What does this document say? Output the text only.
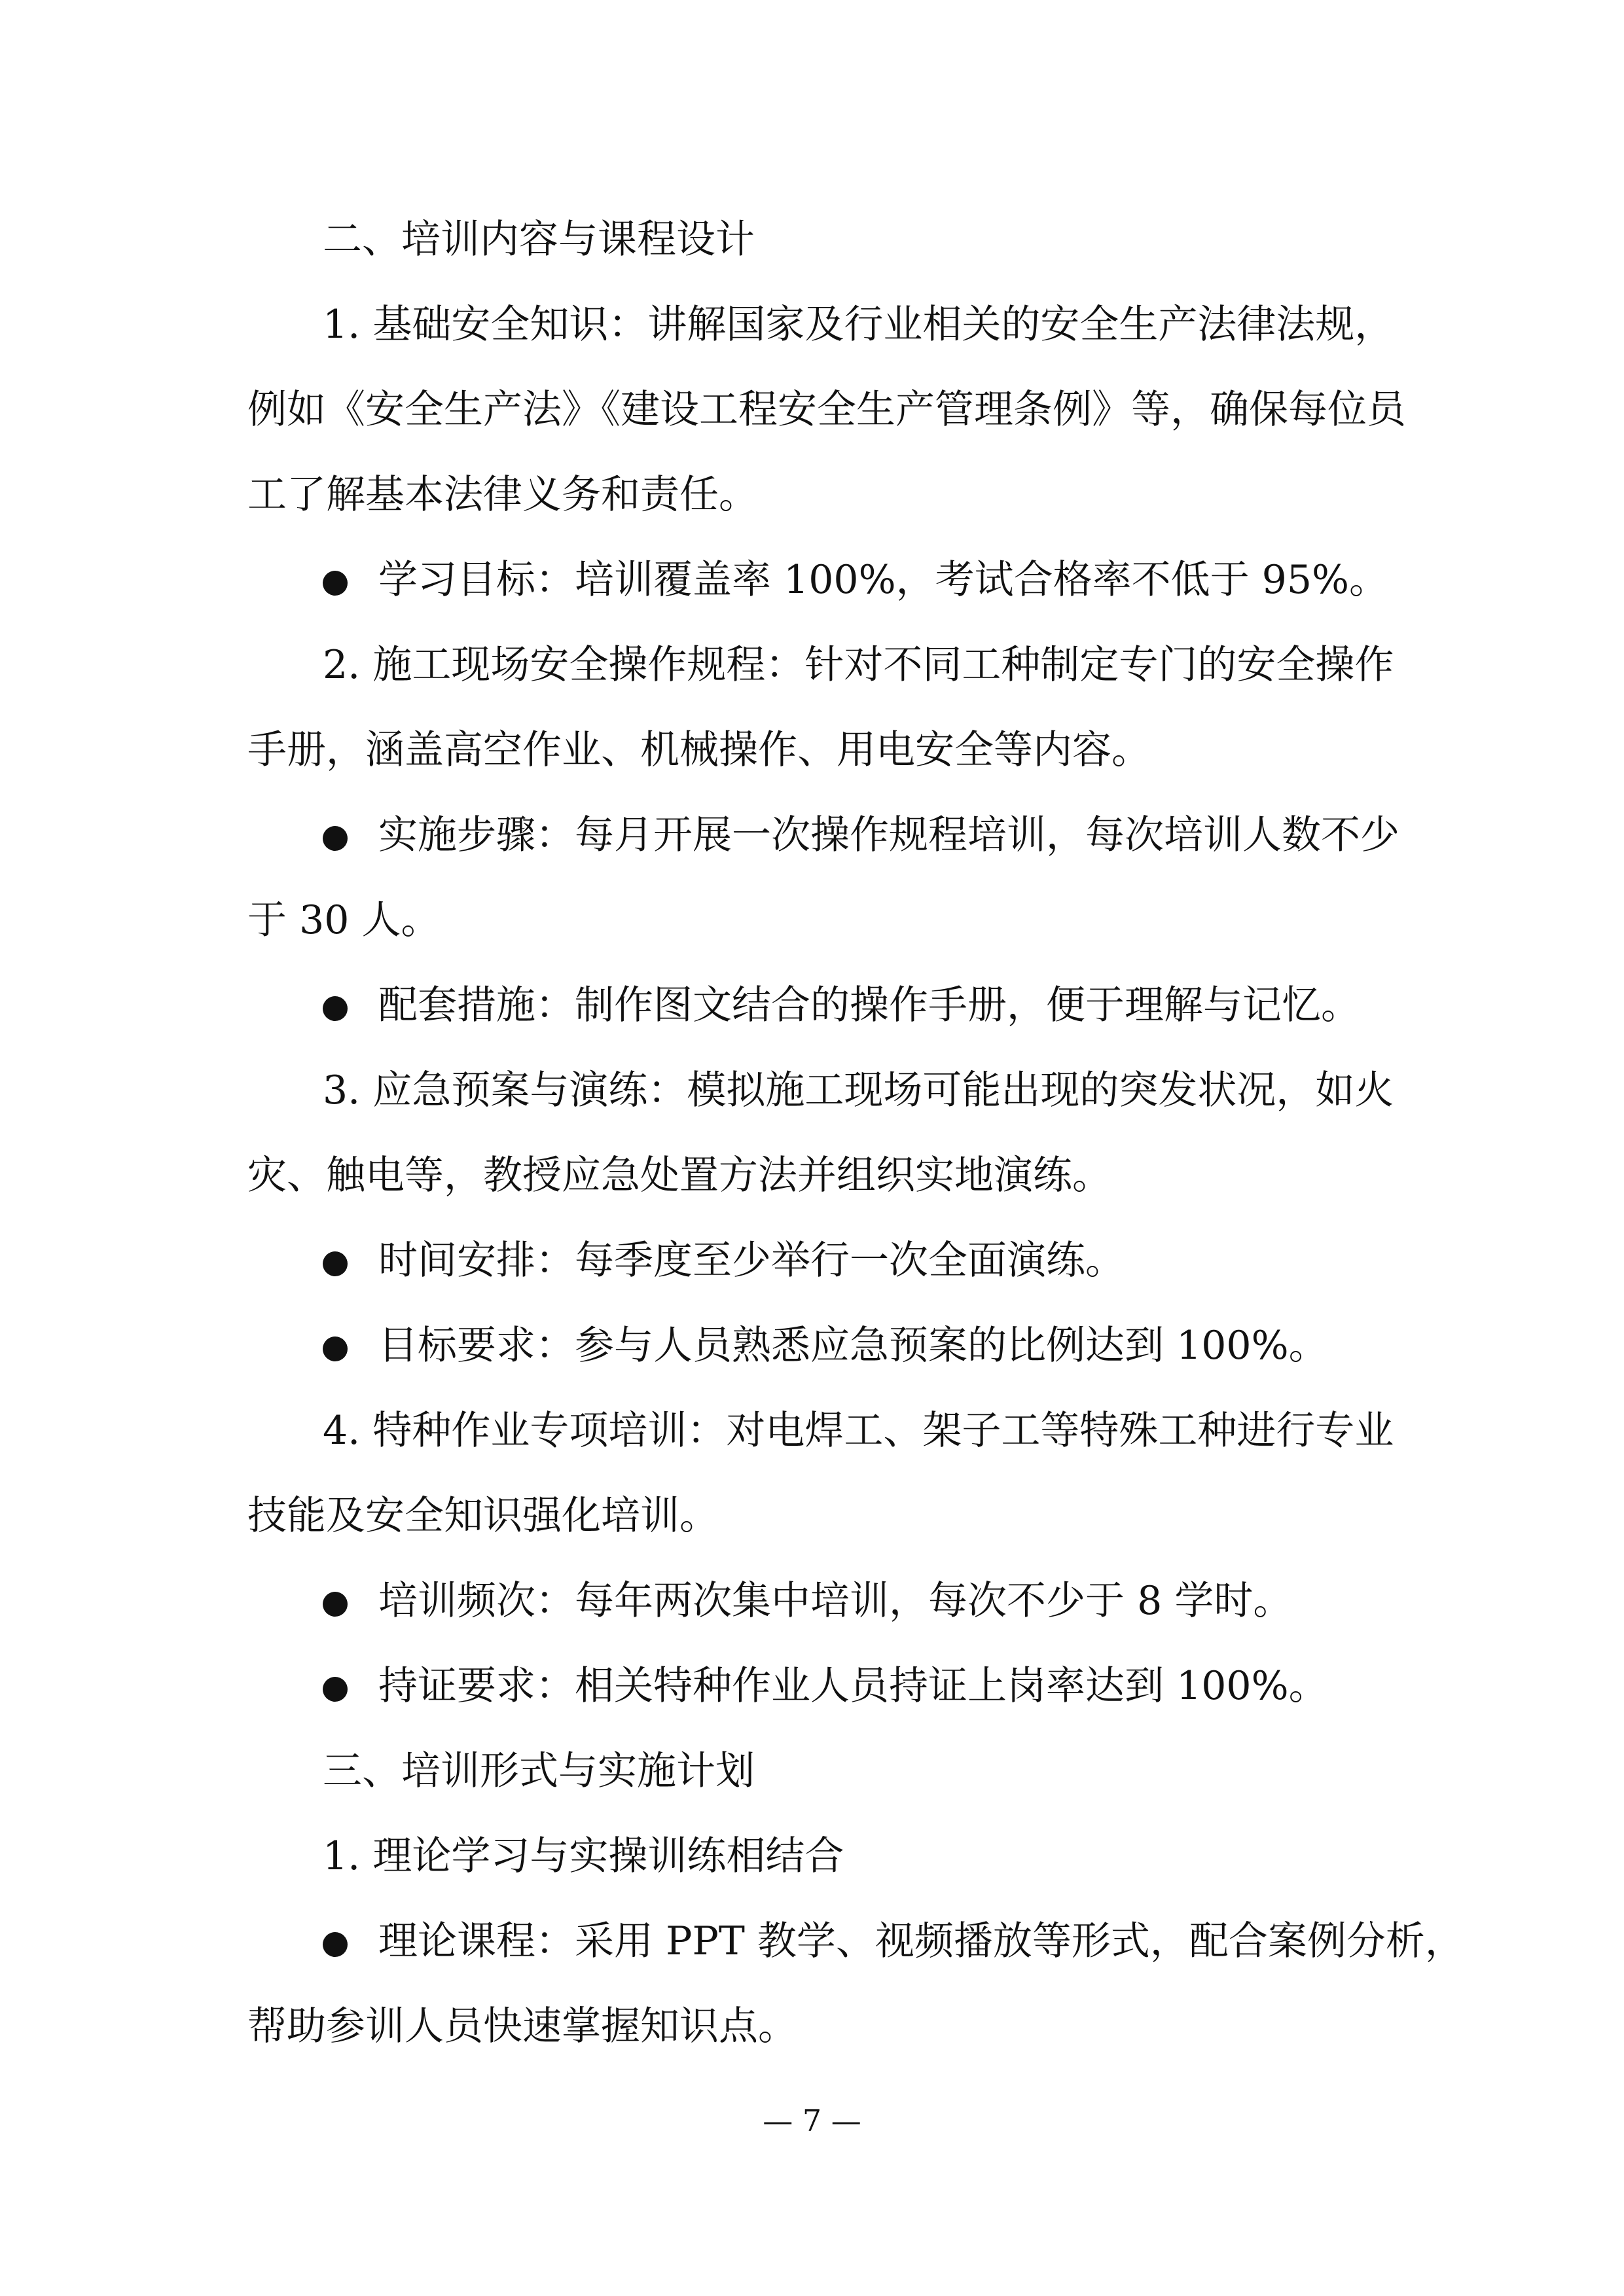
二、培训内容与课程设计
1. 基础安全知识：讲解国家及行业相关的安全生产法律法规，
例如《安全生产法》《建设工程安全生产管理条例》等，确保每位员
工了解基本法律义务和责任。
学习目标：培训覆盖率 100%，考试合格率不低于 95%。
2. 施工现场安全操作规程：针对不同工种制定专门的安全操作
手册，涵盖高空作业、机械操作、用电安全等内容。
实施步骤：每月开展一次操作规程培训，每次培训人数不少
于 30 人。
配套措施：制作图文结合的操作手册，便于理解与记忆。
3. 应急预案与演练：模拟施工现场可能出现的突发状况，如火
灾、触电等，教授应急处置方法并组织实地演练。
时间安排：每季度至少举行一次全面演练。
目标要求：参与人员熟悉应急预案的比例达到 100%。
4. 特种作业专项培训：对电焊工、架子工等特殊工种进行专业
技能及安全知识强化培训。
培训频次：每年两次集中培训，每次不少于 8 学时。
持证要求：相关特种作业人员持证上岗率达到 100%。
三、培训形式与实施计划
1. 理论学习与实操训练相结合
理论课程：采用 PPT 教学、视频播放等形式，配合案例分析，
帮助参训人员快速掌握知识点。
— 7 —
